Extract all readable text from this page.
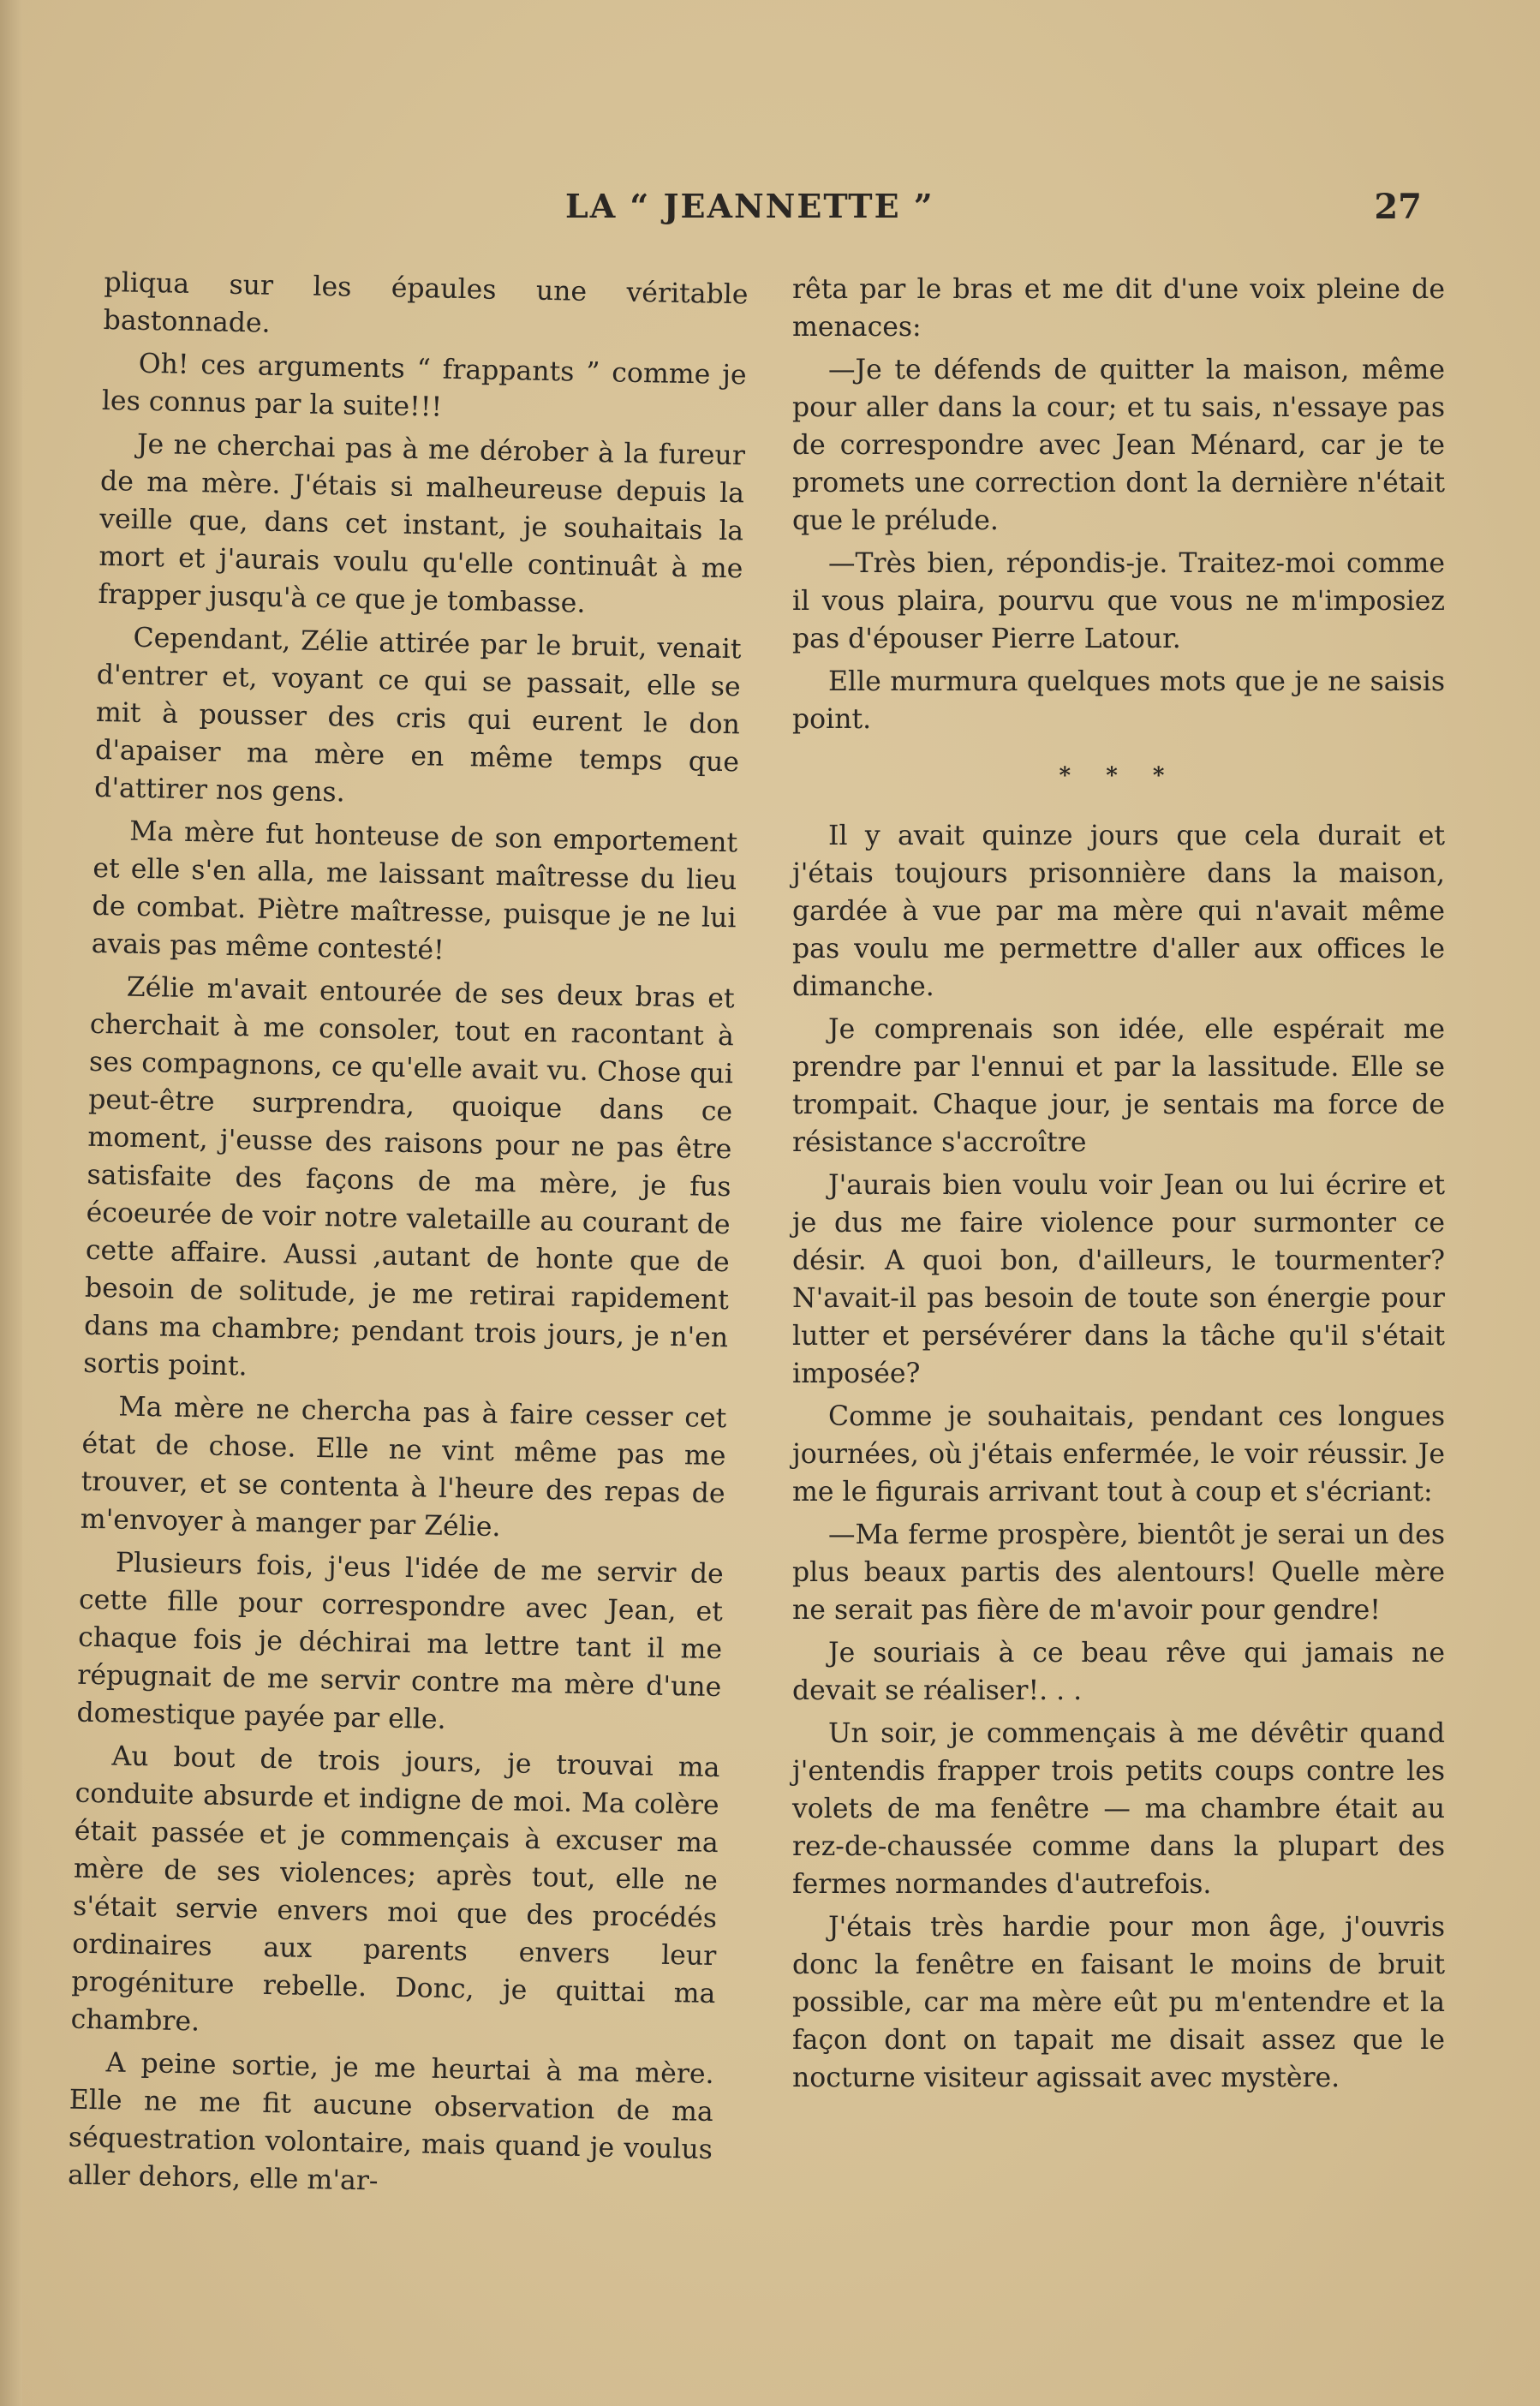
LA “ JEANNETTE ”	27

pliqua sur les épaules une véritable bastonnade.

Oh! ces arguments “ frappants ” comme je les connus par la suite!!!

Je ne cherchai pas à me dérober à la fureur de ma mère. J'étais si malheureuse depuis la veille que, dans cet instant, je souhaitais la mort et j'aurais voulu qu'elle continuât à me frapper jusqu'à ce que je tombasse.

Cependant, Zélie attirée par le bruit, venait d'entrer et, voyant ce qui se passait, elle se mit à pousser des cris qui eurent le don d'apaiser ma mère en même temps que d'attirer nos gens.

Ma mère fut honteuse de son emportement et elle s'en alla, me laissant maîtresse du lieu de combat. Piètre maîtresse, puisque je ne lui avais pas même contesté!

Zélie m'avait entourée de ses deux bras et cherchait à me consoler, tout en racontant à ses compagnons, ce qu'elle avait vu. Chose qui peut-être surprendra, quoique dans ce moment, j'eusse des raisons pour ne pas être satisfaite des façons de ma mère, je fus écoeurée de voir notre valetaille au courant de cette affaire. Aussi ,autant de honte que de besoin de solitude, je me retirai rapidement dans ma chambre; pendant trois jours, je n'en sortis point.

Ma mère ne chercha pas à faire cesser cet état de chose. Elle ne vint même pas me trouver, et se contenta à l'heure des repas de m'envoyer à manger par Zélie.

Plusieurs fois, j'eus l'idée de me servir de cette fille pour correspondre avec Jean, et chaque fois je déchirai ma lettre tant il me répugnait de me servir contre ma mère d'une domestique payée par elle.

Au bout de trois jours, je trouvai ma conduite absurde et indigne de moi. Ma colère était passée et je commençais à excuser ma mère de ses violences; après tout, elle ne s'était servie envers moi que des procédés ordinaires aux parents envers leur progéniture rebelle. Donc, je quittai ma chambre.

A peine sortie, je me heurtai à ma mère. Elle ne me fit aucune observation de ma séquestration volontaire, mais quand je voulus aller dehors, elle m'ar-

rêta par le bras et me dit d'une voix pleine de menaces:

—Je te défends de quitter la maison, même pour aller dans la cour; et tu sais, n'essaye pas de correspondre avec Jean Ménard, car je te promets une correction dont la dernière n'était que le prélude.

—Très bien, répondis-je. Traitez-moi comme il vous plaira, pourvu que vous ne m'imposiez pas d'épouser Pierre Latour.

Elle murmura quelques mots que je ne saisis point.

* * *

Il y avait quinze jours que cela durait et j'étais toujours prisonnière dans la maison, gardée à vue par ma mère qui n'avait même pas voulu me permettre d'aller aux offices le dimanche.

Je comprenais son idée, elle espérait me prendre par l'ennui et par la lassitude. Elle se trompait. Chaque jour, je sentais ma force de résistance s'accroître

J'aurais bien voulu voir Jean ou lui écrire et je dus me faire violence pour surmonter ce désir. A quoi bon, d'ailleurs, le tourmenter? N'avait-il pas besoin de toute son énergie pour lutter et persévérer dans la tâche qu'il s'était imposée?

Comme je souhaitais, pendant ces longues journées, où j'étais enfermée, le voir réussir. Je me le figurais arrivant tout à coup et s'écriant:

—Ma ferme prospère, bientôt je serai un des plus beaux partis des alentours! Quelle mère ne serait pas fière de m'avoir pour gendre!

Je souriais à ce beau rêve qui jamais ne devait se réaliser!. . .

Un soir, je commençais à me dévêtir quand j'entendis frapper trois petits coups contre les volets de ma fenêtre — ma chambre était au rez-de-chaussée comme dans la plupart des fermes normandes d'autrefois.

J'étais très hardie pour mon âge, j'ouvris donc la fenêtre en faisant le moins de bruit possible, car ma mère eût pu m'entendre et la façon dont on tapait me disait assez que le nocturne visiteur agissait avec mystère.
